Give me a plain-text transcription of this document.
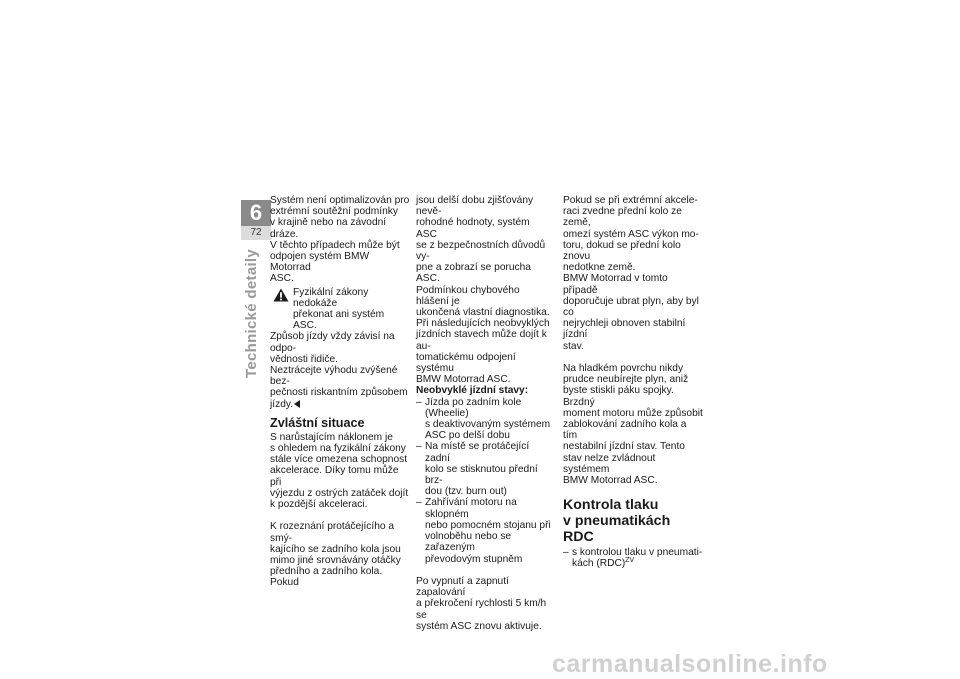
6
72
Technické detaily

Systém není optimalizován pro
extrémní soutěžní podmínky
v krajině nebo na závodní dráze.
V těchto případech může být
odpojen systém BMW Motorrad
ASC.

Fyzikální zákony nedokáže
překonat ani systém ASC.

Způsob jízdy vždy závisí na odpo-
vědnosti řidiče.
Neztrácejte výhodu zvýšené bez-
pečnosti riskantním způsobem
jízdy.

Zvláštní situace

S narůstajícím náklonem je
s ohledem na fyzikální zákony
stále více omezena schopnost
akcelerace. Díky tomu může při
výjezdu z ostrých zatáček dojít
k pozdější akceleraci.

K rozeznání protáčejícího a smý-
kajícího se zadního kola jsou
mimo jiné srovnávány otáčky
předního a zadního kola. Pokud

jsou delší dobu zjišťovány nevě-
rohodné hodnoty, systém ASC
se z bezpečnostních důvodů vy-
pne a zobrazí se porucha ASC.
Podmínkou chybového hlášení je
ukončená vlastní diagnostika.
Při následujících neobvyklých
jízdních stavech může dojít k au-
tomatickému odpojení systému
BMW Motorrad ASC.

Neobvyklé jízdní stavy:
– Jízda po zadním kole (Wheelie)
s deaktivovaným systémem
ASC po delší dobu
– Na místě se protáčející zadní
kolo se stisknutou přední brz-
dou (tzv. burn out)
– Zahřívání motoru na sklopném
nebo pomocném stojanu při
volnoběhu nebo se zařazeným
převodovým stupněm

Po vypnutí a zapnutí zapalování
a překročení rychlosti 5 km/h se
systém ASC znovu aktivuje.

Pokud se při extrémní akcele-
raci zvedne přední kolo ze země,
omezí systém ASC výkon mo-
toru, dokud se přední kolo znovu
nedotkne země.
BMW Motorrad v tomto případě
doporučuje ubrat plyn, aby byl co
nejrychleji obnoven stabilní jízdní
stav.

Na hladkém povrchu nikdy
prudce neubírejte plyn, aniž
byste stiskli páku spojky. Brzdný
moment motoru může způsobit
zablokování zadního kola a tím
nestabilní jízdní stav. Tento
stav nelze zvládnout systémem
BMW Motorrad ASC.

Kontrola tlaku
v pneumatikách RDC
– s kontrolou tlaku v pneumati-
kách (RDC)$^{ZV}$
carmanualsonline.info
